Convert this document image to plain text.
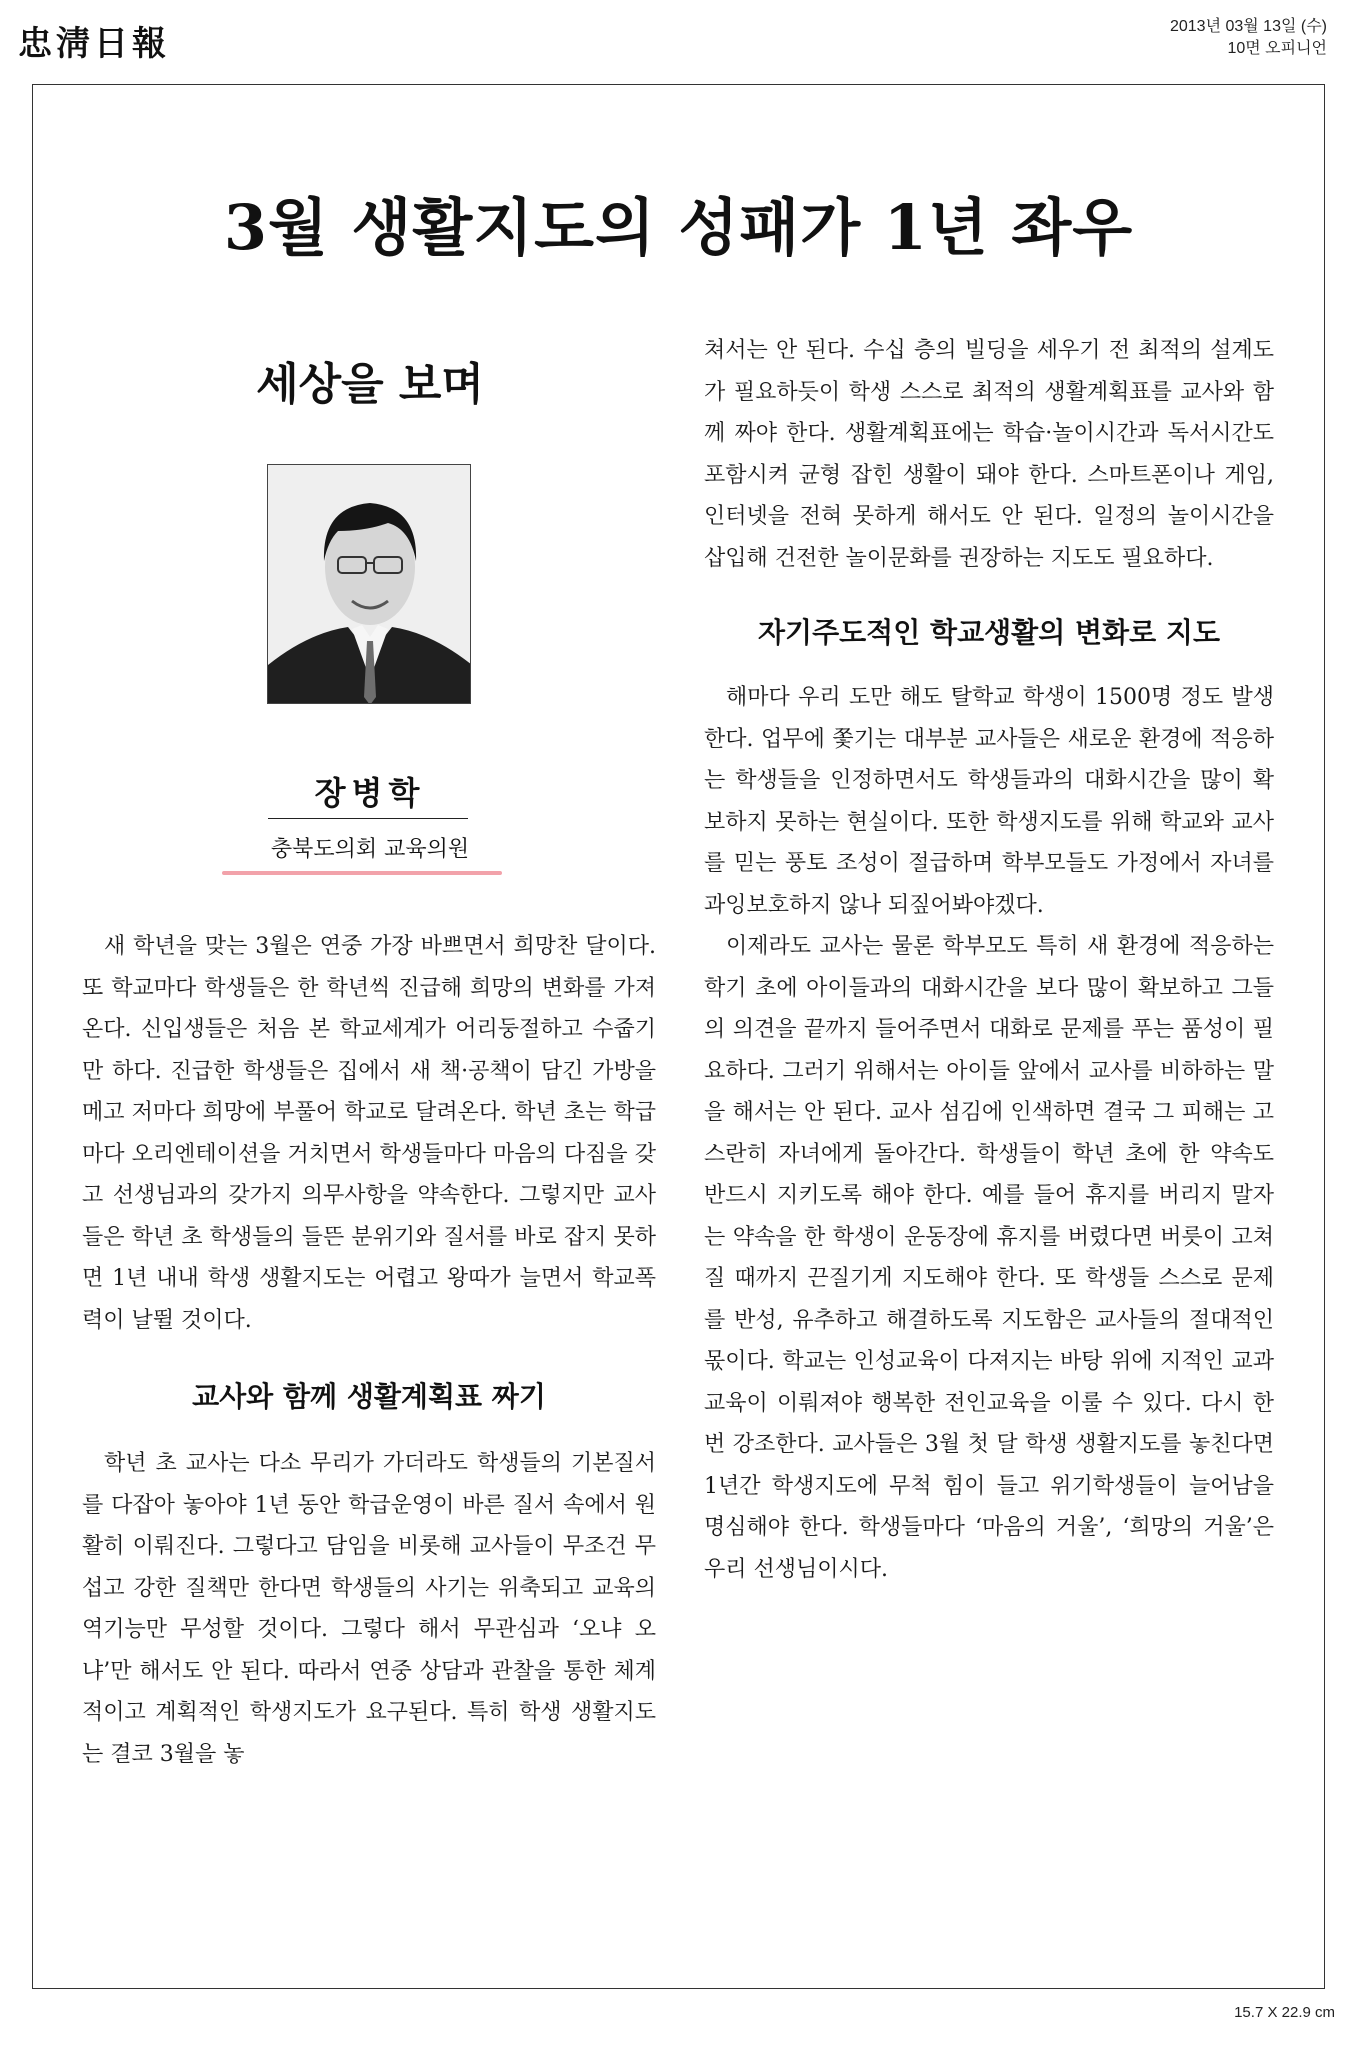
忠淸日報	2013년 03월 13일 (수)
10면 오피니언
3월 생활지도의 성패가 1년 좌우
세상을 보며
장병학
충북도의회 교육의원

새 학년을 맞는 3월은 연중 가장 바쁘면서 희망찬 달이다. 또 학교마다 학생들은 한 학년씩 진급해 희망의 변화를 가져온다. 신입생들은 처음 본 학교세계가 어리둥절하고 수줍기만 하다. 진급한 학생들은 집에서 새 책·공책이 담긴 가방을 메고 저마다 희망에 부풀어 학교로 달려온다. 학년 초는 학급마다 오리엔테이션을 거치면서 학생들마다 마음의 다짐을 갖고 선생님과의 갖가지 의무사항을 약속한다. 그렇지만 교사들은 학년 초 학생들의 들뜬 분위기와 질서를 바로 잡지 못하면 1년 내내 학생 생활지도는 어렵고 왕따가 늘면서 학교폭력이 날뛸 것이다.

교사와 함께 생활계획표 짜기

학년 초 교사는 다소 무리가 가더라도 학생들의 기본질서를 다잡아 놓아야 1년 동안 학급운영이 바른 질서 속에서 원활히 이뤄진다. 그렇다고 담임을 비롯해 교사들이 무조건 무섭고 강한 질책만 한다면 학생들의 사기는 위축되고 교육의 역기능만 무성할 것이다. 그렇다 해서 무관심과 ‘오냐 오냐’만 해서도 안 된다. 따라서 연중 상담과 관찰을 통한 체계적이고 계획적인 학생지도가 요구된다. 특히 학생 생활지도는 결코 3월을 놓

쳐서는 안 된다. 수십 층의 빌딩을 세우기 전 최적의 설계도가 필요하듯이 학생 스스로 최적의 생활계획표를 교사와 함께 짜야 한다. 생활계획표에는 학습·놀이시간과 독서시간도 포함시켜 균형 잡힌 생활이 돼야 한다. 스마트폰이나 게임, 인터넷을 전혀 못하게 해서도 안 된다. 일정의 놀이시간을 삽입해 건전한 놀이문화를 권장하는 지도도 필요하다.

자기주도적인 학교생활의 변화로 지도

해마다 우리 도만 해도 탈학교 학생이 1500명 정도 발생한다. 업무에 쫓기는 대부분 교사들은 새로운 환경에 적응하는 학생들을 인정하면서도 학생들과의 대화시간을 많이 확보하지 못하는 현실이다. 또한 학생지도를 위해 학교와 교사를 믿는 풍토 조성이 절급하며 학부모들도 가정에서 자녀를 과잉보호하지 않나 되짚어봐야겠다.

이제라도 교사는 물론 학부모도 특히 새 환경에 적응하는 학기 초에 아이들과의 대화시간을 보다 많이 확보하고 그들의 의견을 끝까지 들어주면서 대화로 문제를 푸는 품성이 필요하다. 그러기 위해서는 아이들 앞에서 교사를 비하하는 말을 해서는 안 된다. 교사 섬김에 인색하면 결국 그 피해는 고스란히 자녀에게 돌아간다. 학생들이 학년 초에 한 약속도 반드시 지키도록 해야 한다. 예를 들어 휴지를 버리지 말자는 약속을 한 학생이 운동장에 휴지를 버렸다면 버릇이 고쳐질 때까지 끈질기게 지도해야 한다. 또 학생들 스스로 문제를 반성, 유추하고 해결하도록 지도함은 교사들의 절대적인 몫이다. 학교는 인성교육이 다져지는 바탕 위에 지적인 교과교육이 이뤄져야 행복한 전인교육을 이룰 수 있다. 다시 한 번 강조한다. 교사들은 3월 첫 달 학생 생활지도를 놓친다면 1년간 학생지도에 무척 힘이 들고 위기학생들이 늘어남을 명심해야 한다. 학생들마다 ‘마음의 거울’, ‘희망의 거울’은 우리 선생님이시다.

15.7 X 22.9 cm
